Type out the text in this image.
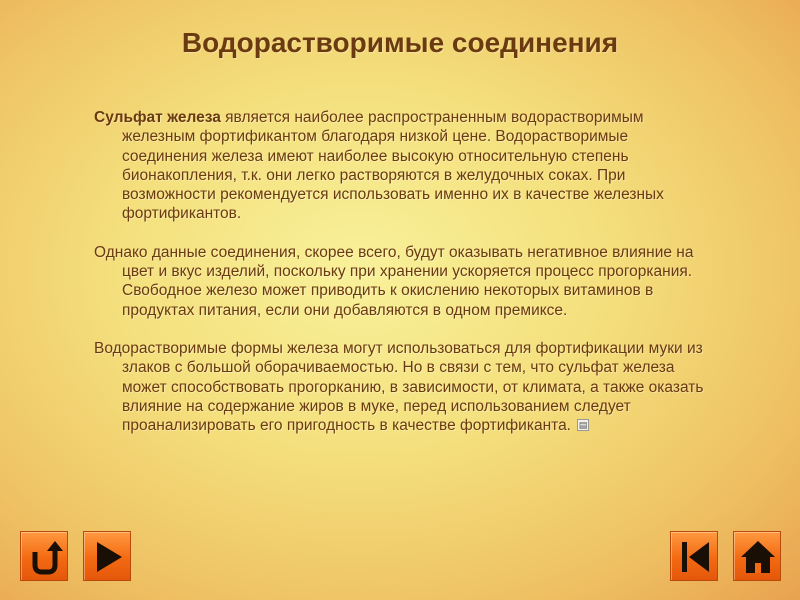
Водорастворимые соединения

Сульфат железа является наиболее распространенным водорастворимым железным фортификантом благодаря низкой цене. Водорастворимые соединения железа имеют наиболее высокую относительную степень бионакопления, т.к. они легко растворяются в желудочных соках. При возможности рекомендуется использовать именно их в качестве железных фортификантов.

Однако данные соединения, скорее всего, будут оказывать негативное влияние на цвет и вкус изделий, поскольку при хранении ускоряется процесс прогоркания. Свободное железо может приводить к окислению некоторых витаминов в продуктах питания, если они добавляются в одном премиксе.

Водорастворимые формы железа могут использоваться для фортификации муки из злаков с большой оборачиваемостью. Но в связи с тем, что сульфат железа может способствовать прогорканию, в зависимости, от климата, а также оказать влияние на содержание жиров в муке, перед использованием следует проанализировать его пригодность в качестве фортификанта. ▤
